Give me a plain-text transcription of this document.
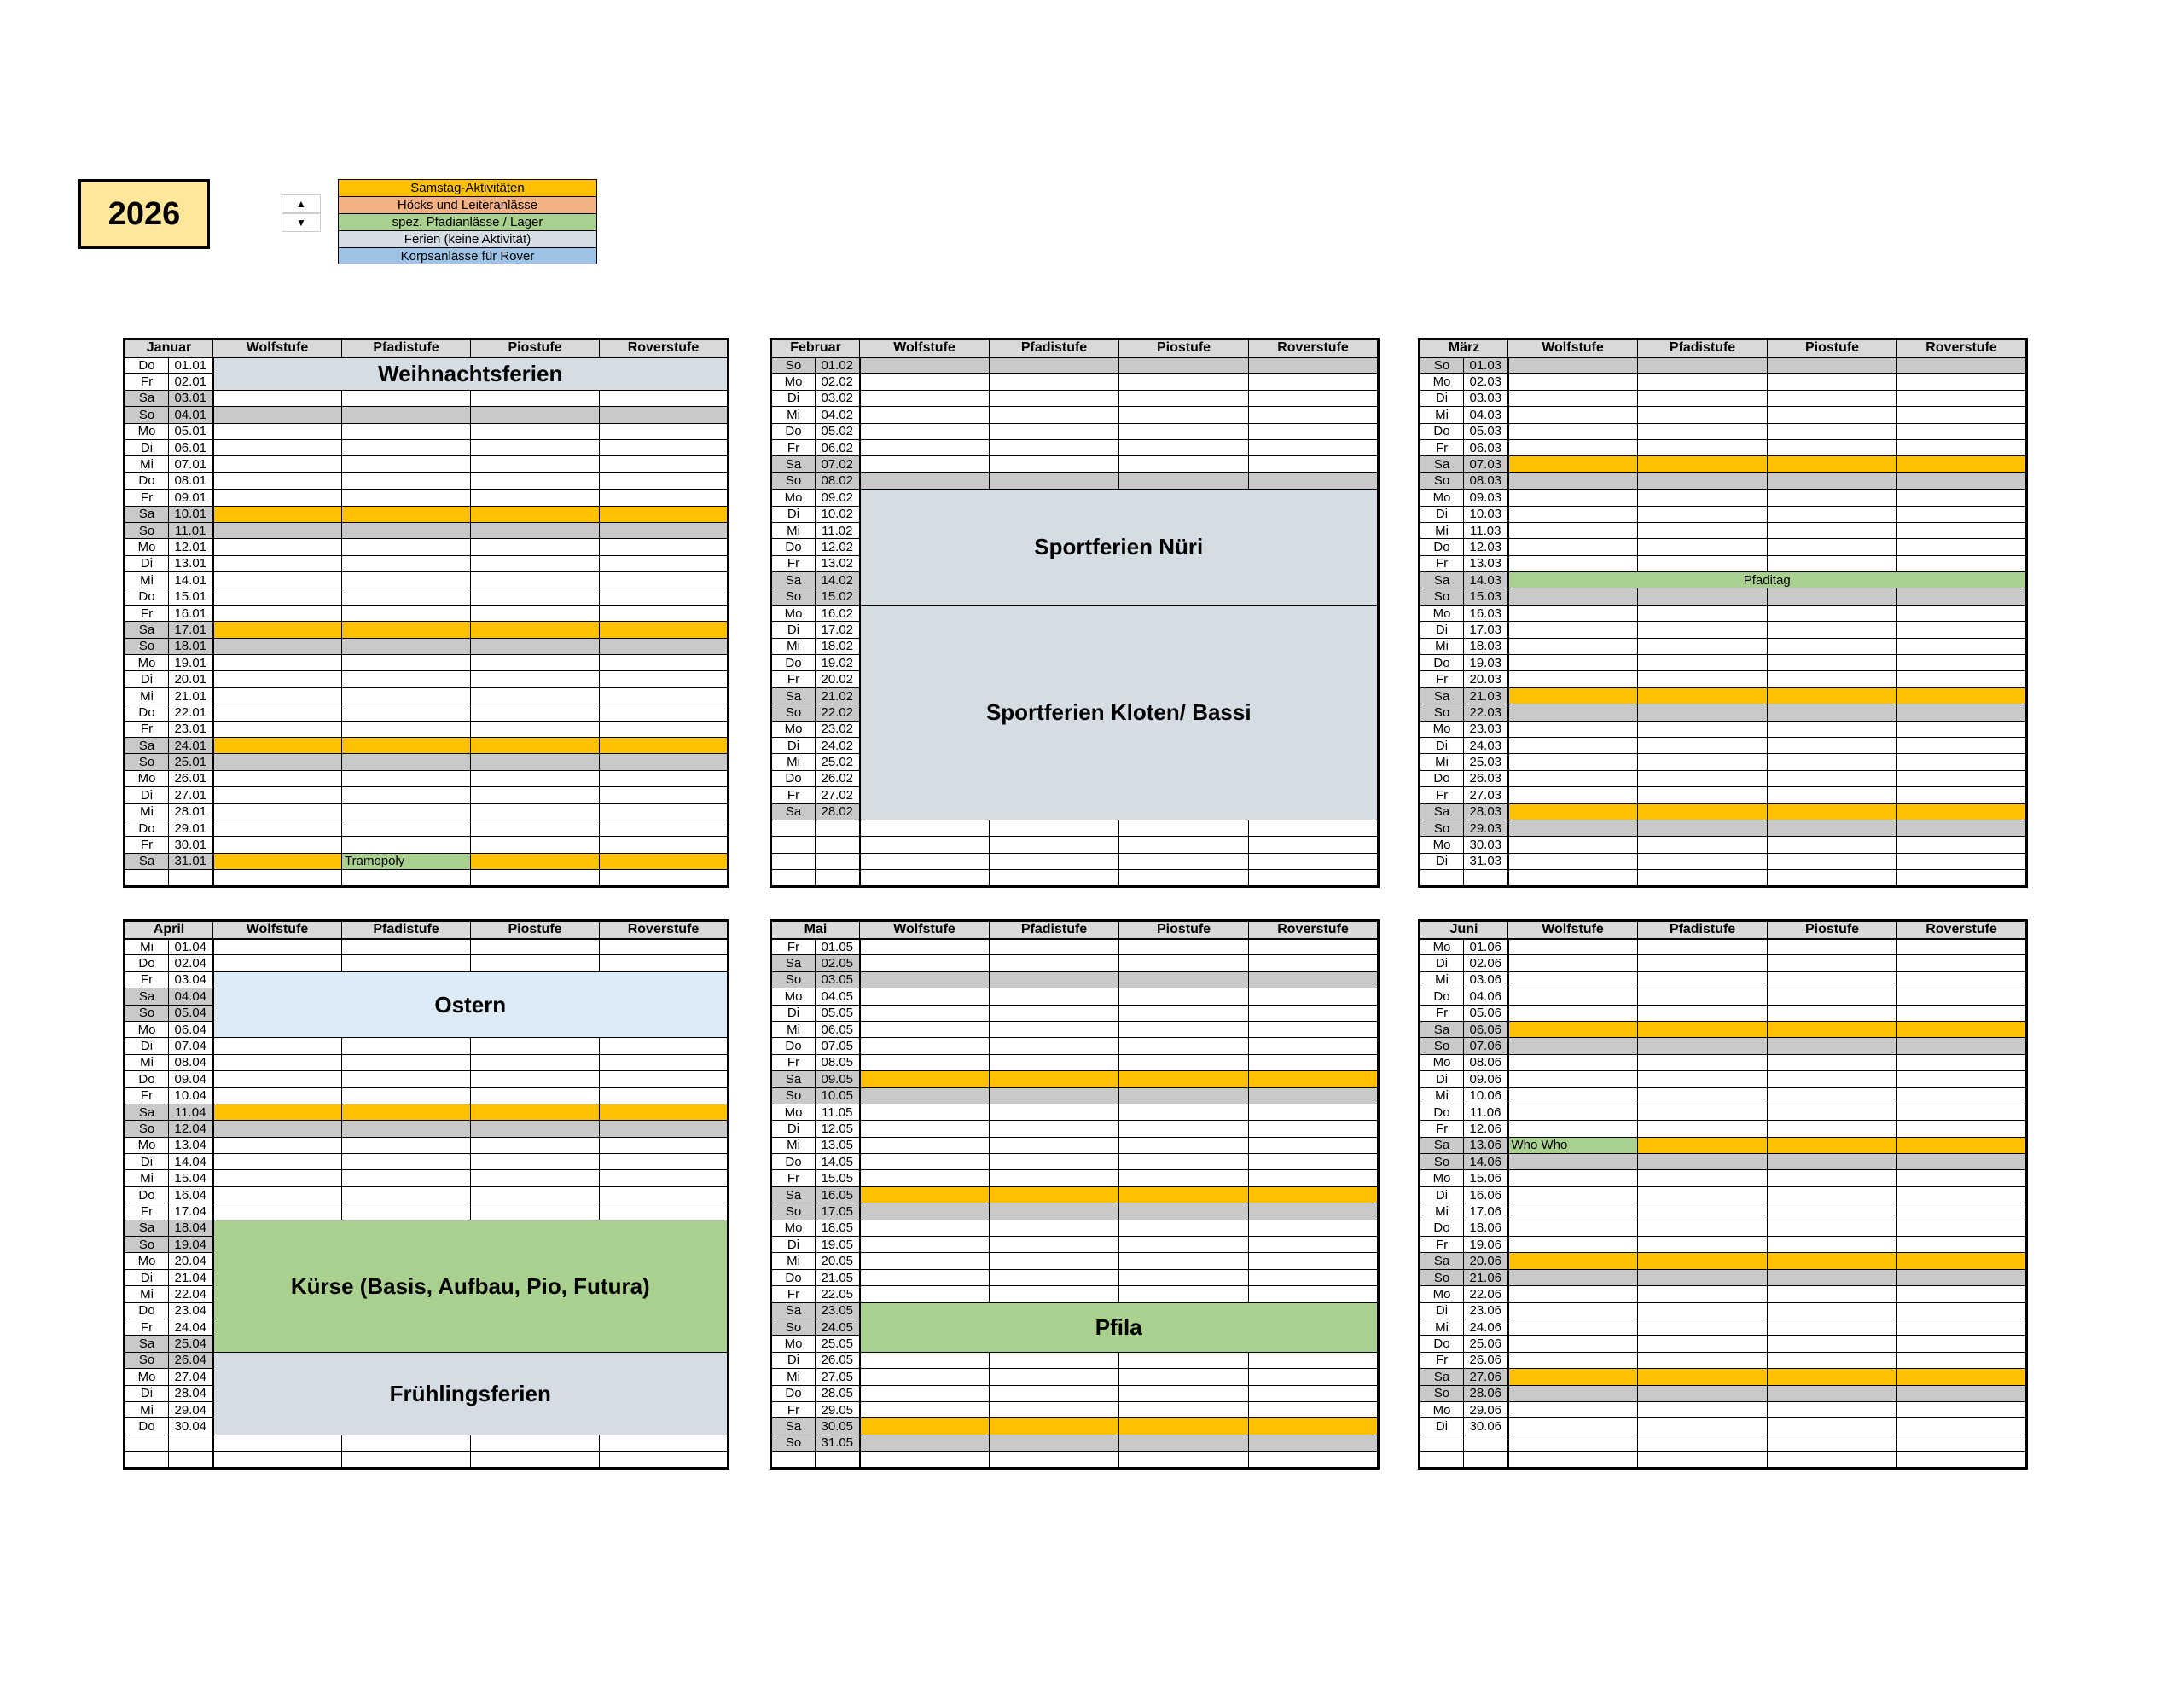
2026	▲
▼
Samstag-Aktivitäten
Höcks und Leiteranlässe
spez. Pfadianlässe / Lager
Ferien (keine Aktivität)
Korpsanlässe für Rover
Januar		Wolfstufe	Pfadistufe	Piostufe	Roverstufe
Do	01.01	Weihnachtsferien			
Fr	02.01				
Sa	03.01				
So	04.01				
Mo	05.01				
Di	06.01				
Mi	07.01				
Do	08.01				
Fr	09.01				
Sa	10.01				
So	11.01				
Mo	12.01				
Di	13.01				
Mi	14.01				
Do	15.01				
Fr	16.01				
Sa	17.01				
So	18.01				
Mo	19.01				
Di	20.01				
Mi	21.01				
Do	22.01				
Fr	23.01				
Sa	24.01				
So	25.01				
Mo	26.01				
Di	27.01				
Mi	28.01				
Do	29.01				
Fr	30.01				
Sa	31.01		Tramopoly		

Februar		Wolfstufe	Pfadistufe	Piostufe	Roverstufe
So	01.02				
Mo	02.02				
Di	03.02				
Mi	04.02				
Do	05.02				
Fr	06.02				
Sa	07.02				
So	08.02				
Mo	09.02	Sportferien Nüri			
Di	10.02				
Mi	11.02				
Do	12.02				
Fr	13.02				
Sa	14.02				
So	15.02				
Mo	16.02	Sportferien Kloten/ Bassi			
Di	17.02				
Mi	18.02				
Do	19.02				
Fr	20.02				
Sa	21.02				
So	22.02				
Mo	23.02				
Di	24.02				
Mi	25.02				
Do	26.02				
Fr	27.02				
Sa	28.02				

März		Wolfstufe	Pfadistufe	Piostufe	Roverstufe
So	01.03				
Mo	02.03				
Di	03.03				
Mi	04.03				
Do	05.03				
Fr	06.03				
Sa	07.03				
So	08.03				
Mo	09.03				
Di	10.03				
Mi	11.03				
Do	12.03				
Fr	13.03				
Sa	14.03	Pfaditag			
So	15.03				
Mo	16.03				
Di	17.03				
Mi	18.03				
Do	19.03				
Fr	20.03				
Sa	21.03				
So	22.03				
Mo	23.03				
Di	24.03				
Mi	25.03				
Do	26.03				
Fr	27.03				
Sa	28.03				
So	29.03				
Mo	30.03				
Di	31.03				

April		Wolfstufe	Pfadistufe	Piostufe	Roverstufe
Mi	01.04				
Do	02.04				
Fr	03.04	Ostern			
Sa	04.04				
So	05.04				
Mo	06.04				
Di	07.04				
Mi	08.04				
Do	09.04				
Fr	10.04				
Sa	11.04				
So	12.04				
Mo	13.04				
Di	14.04				
Mi	15.04				
Do	16.04				
Fr	17.04				
Sa	18.04	Kürse (Basis, Aufbau, Pio, Futura)			
So	19.04				
Mo	20.04				
Di	21.04				
Mi	22.04				
Do	23.04				
Fr	24.04				
Sa	25.04				
So	26.04	Frühlingsferien			
Mo	27.04				
Di	28.04				
Mi	29.04				
Do	30.04				

Mai		Wolfstufe	Pfadistufe	Piostufe	Roverstufe
Fr	01.05				
Sa	02.05				
So	03.05				
Mo	04.05				
Di	05.05				
Mi	06.05				
Do	07.05				
Fr	08.05				
Sa	09.05				
So	10.05				
Mo	11.05				
Di	12.05				
Mi	13.05				
Do	14.05				
Fr	15.05				
Sa	16.05				
So	17.05				
Mo	18.05				
Di	19.05				
Mi	20.05				
Do	21.05				
Fr	22.05				
Sa	23.05	Pfila			
So	24.05				
Mo	25.05				
Di	26.05				
Mi	27.05				
Do	28.05				
Fr	29.05				
Sa	30.05				
So	31.05				

Juni		Wolfstufe	Pfadistufe	Piostufe	Roverstufe
Mo	01.06				
Di	02.06				
Mi	03.06				
Do	04.06				
Fr	05.06				
Sa	06.06				
So	07.06				
Mo	08.06				
Di	09.06				
Mi	10.06				
Do	11.06				
Fr	12.06				
Sa	13.06	Who Who			
So	14.06				
Mo	15.06				
Di	16.06				
Mi	17.06				
Do	18.06				
Fr	19.06				
Sa	20.06				
So	21.06				
Mo	22.06				
Di	23.06				
Mi	24.06				
Do	25.06				
Fr	26.06				
Sa	27.06				
So	28.06				
Mo	29.06				
Di	30.06				
